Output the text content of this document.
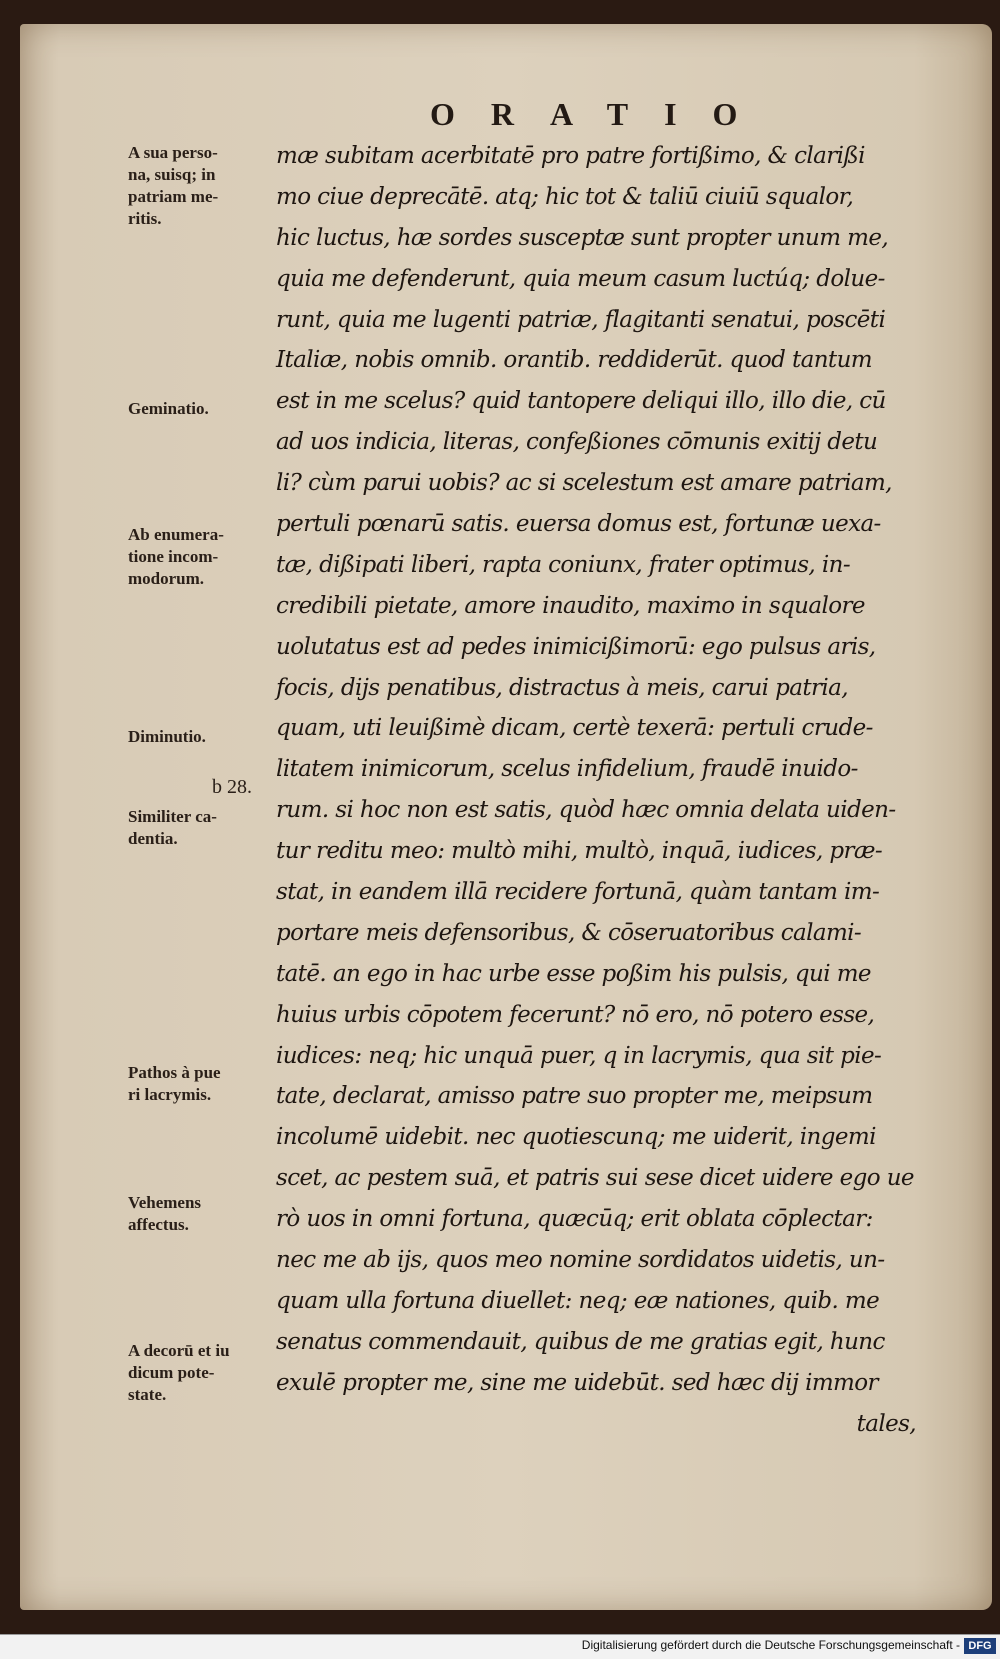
ORATIO
A sua perso-
na, suisq; in
patriam me-
ritis.
Geminatio.
Ab enumera-
tione incom-
modorum.
Diminutio.
b 28.
Similiter ca-
dentia.
Pathos à pue
ri lacrymis.
Vehemens
affectus.
A decorū et iu
dicum pote-
state.
mæ subitam acerbitatē pro patre fortißimo, & clarißi
mo ciue deprecātē. atq; hic tot & taliū ciuiū squalor,
hic luctus, hæ sordes susceptæ sunt propter unum me,
quia me defenderunt, quia meum casum luctúq; dolue-
runt, quia me lugenti patriæ, flagitanti senatui, poscēti
Italiæ, nobis omnib. orantib. reddiderūt. quod tantum
est in me scelus? quid tantopere deliqui illo, illo die, cū
ad uos indicia, literas, confeßiones cōmunis exitij detu
li? cùm parui uobis? ac si scelestum est amare patriam,
pertuli pœnarū satis. euersa domus est, fortunæ uexa-
tæ, dißipati liberi, rapta coniunx, frater optimus, in-
credibili pietate, amore inaudito, maximo in squalore
uolutatus est ad pedes inimicißimorū: ego pulsus aris,
focis, dijs penatibus, distractus à meis, carui patria,
quam, uti leuißimè dicam, certè texerā: pertuli crude-
litatem inimicorum, scelus infidelium, fraudē inuido-
rum. si hoc non est satis, quòd hæc omnia delata uiden-
tur reditu meo: multò mihi, multò, inquā, iudices, præ-
stat, in eandem illā recidere fortunā, quàm tantam im-
portare meis defensoribus, & cōseruatoribus calami-
tatē. an ego in hac urbe esse poßim his pulsis, qui me
huius urbis cōpotem fecerunt? nō ero, nō potero esse,
iudices: neq; hic unquā puer, q in lacrymis, qua sit pie-
tate, declarat, amisso patre suo propter me, meipsum
incolumē uidebit. nec quotiescunq; me uiderit, ingemi
scet, ac pestem suā, et patris sui sese dicet uidere ego ue
rò uos in omni fortuna, quæcūq; erit oblata cōplectar:
nec me ab ijs, quos meo nomine sordidatos uidetis, un-
quam ulla fortuna diuellet: neq; eæ nationes, quib. me
senatus commendauit, quibus de me gratias egit, hunc
exulē propter me, sine me uidebūt. sed hæc dij immor
tales,
Digitalisierung gefördert durch die Deutsche Forschungsgemeinschaft - DFG
